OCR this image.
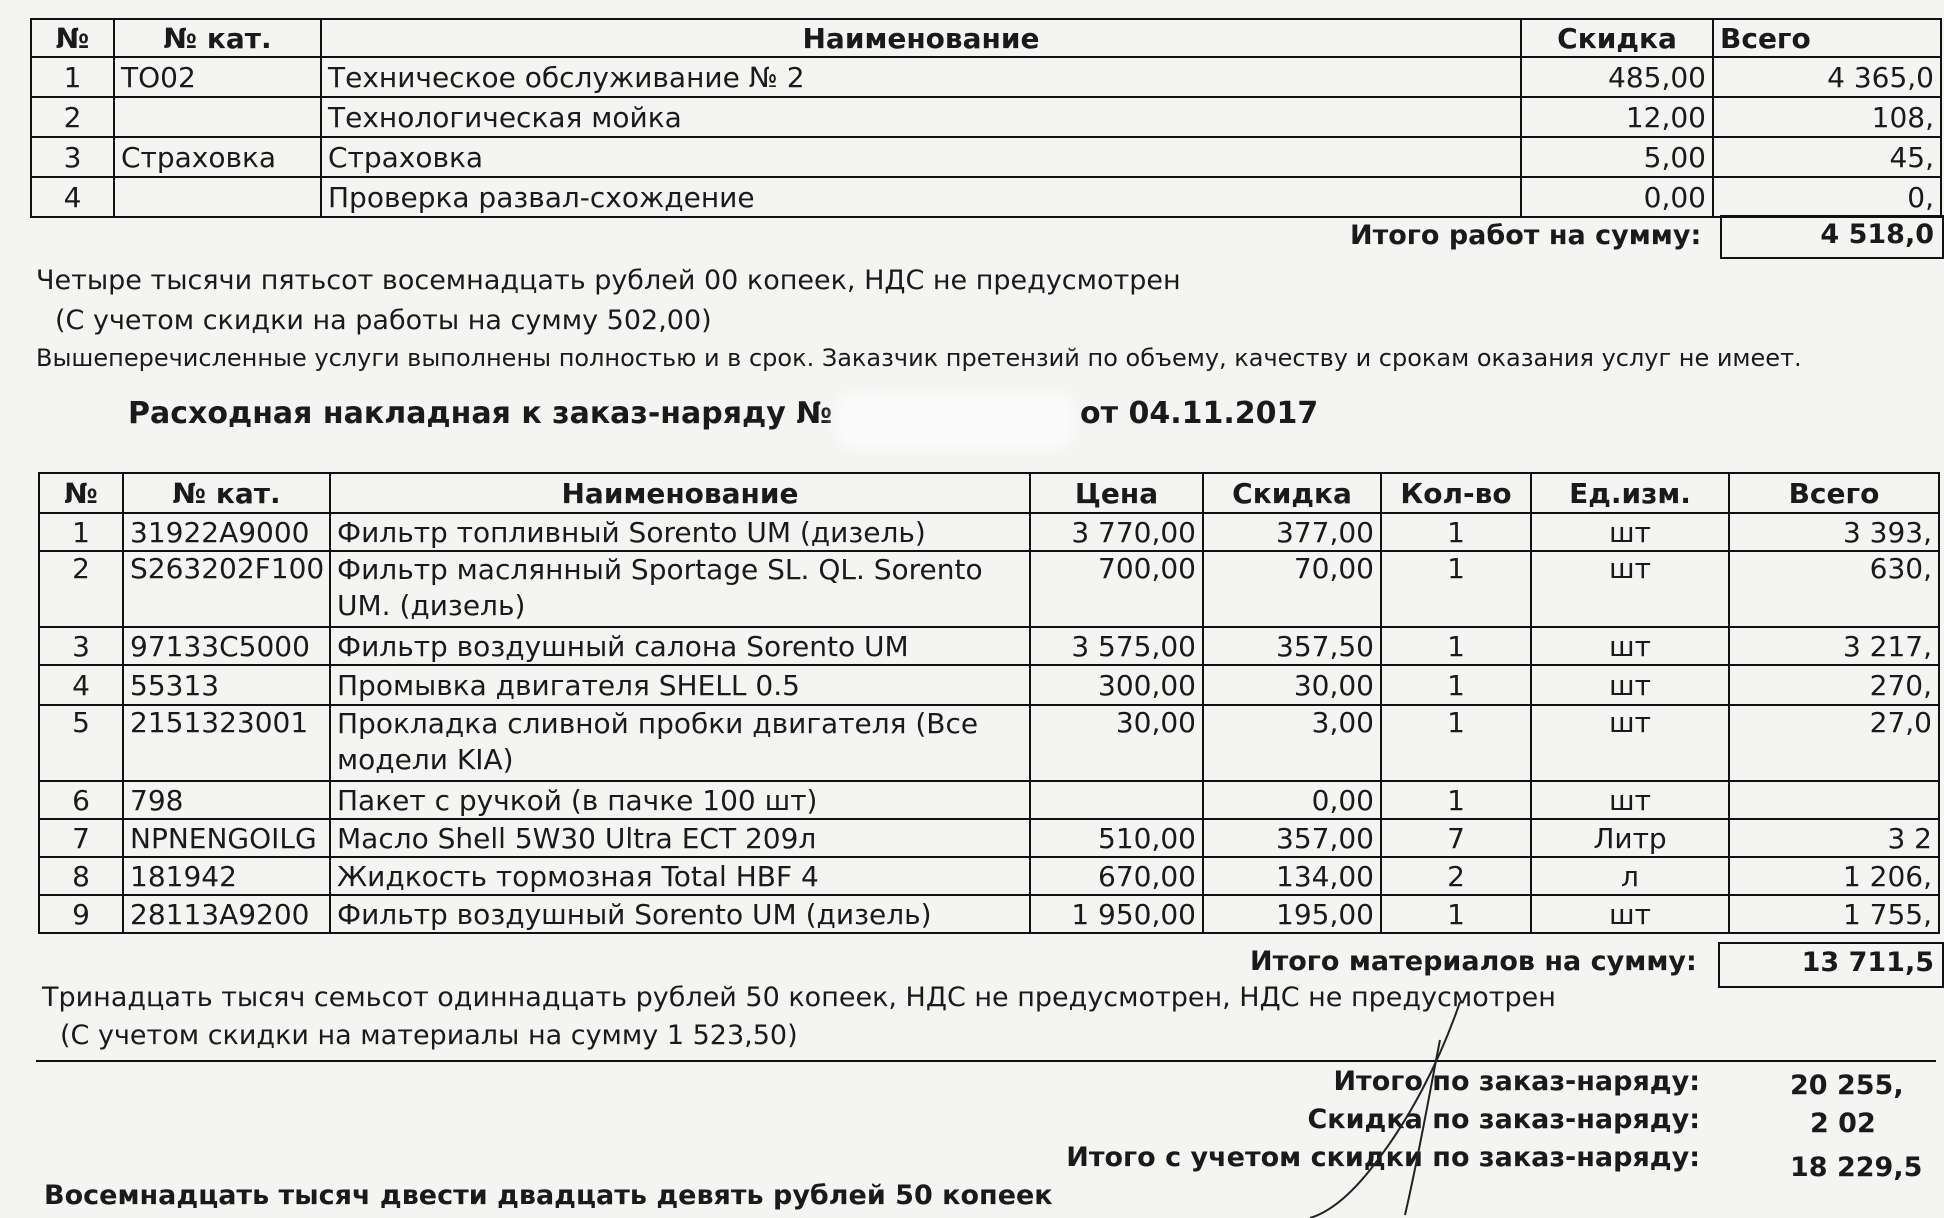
№	№ кат.	Наименование	Скидка	Всего
1	ТО02	Техническое обслуживание № 2	485,00	4 365,0
2		Технологическая мойка	12,00	108,
3	Страховка	Страховка	5,00	45,
4		Проверка развал-схождение	0,00	0,
Итого работ на сумму:	4 518,0
Четыре тысячи пятьсот восемнадцать рублей 00 копеек, НДС не предусмотрен
(С учетом скидки на работы на сумму 502,00)
Вышеперечисленные услуги выполнены полностью и в срок. Заказчик претензий по объему, качеству и срокам оказания услуг не имеет.
Расходная накладная к заказ-наряду №	от 04.11.2017
№	№ кат.	Наименование	Цена	Скидка	Кол-во	Ед.изм.	Всего
1	31922A9000	Фильтр топливный Sorento UM (дизель)	3 770,00	377,00	1	шт	3 393,
2	S263202F100	Фильтр маслянный Sportage SL. QL. Sorento UM. (дизель)	700,00	70,00	1	шт	630,
3	97133C5000	Фильтр воздушный салона Sorento UM	3 575,00	357,50	1	шт	3 217,
4	55313	Промывка двигателя SHELL 0.5	300,00	30,00	1	шт	270,
5	2151323001	Прокладка сливной пробки двигателя (Все модели KIA)	30,00	3,00	1	шт	27,0
6	798	Пакет с ручкой (в пачке 100 шт)		0,00	1	шт	
7	NPNENGOILG	Масло Shell 5W30 Ultra ECT 209л	510,00	357,00	7	Литр	3 2
8	181942	Жидкость тормозная Total HBF 4	670,00	134,00	2	л	1 206,
9	28113A9200	Фильтр воздушный Sorento UM (дизель)	1 950,00	195,00	1	шт	1 755,
Итого материалов на сумму:	13 711,5
Тринадцать тысяч семьсот одиннадцать рублей 50 копеек, НДС не предусмотрен, НДС не предусмотрен
(С учетом скидки на материалы на сумму 1 523,50)
Итого по заказ-наряду:	20 255,
Скидка по заказ-наряду:	2 02
Итого с учетом скидки по заказ-наряду:	18 229,5
Восемнадцать тысяч двести двадцать девять рублей 50 копеек
